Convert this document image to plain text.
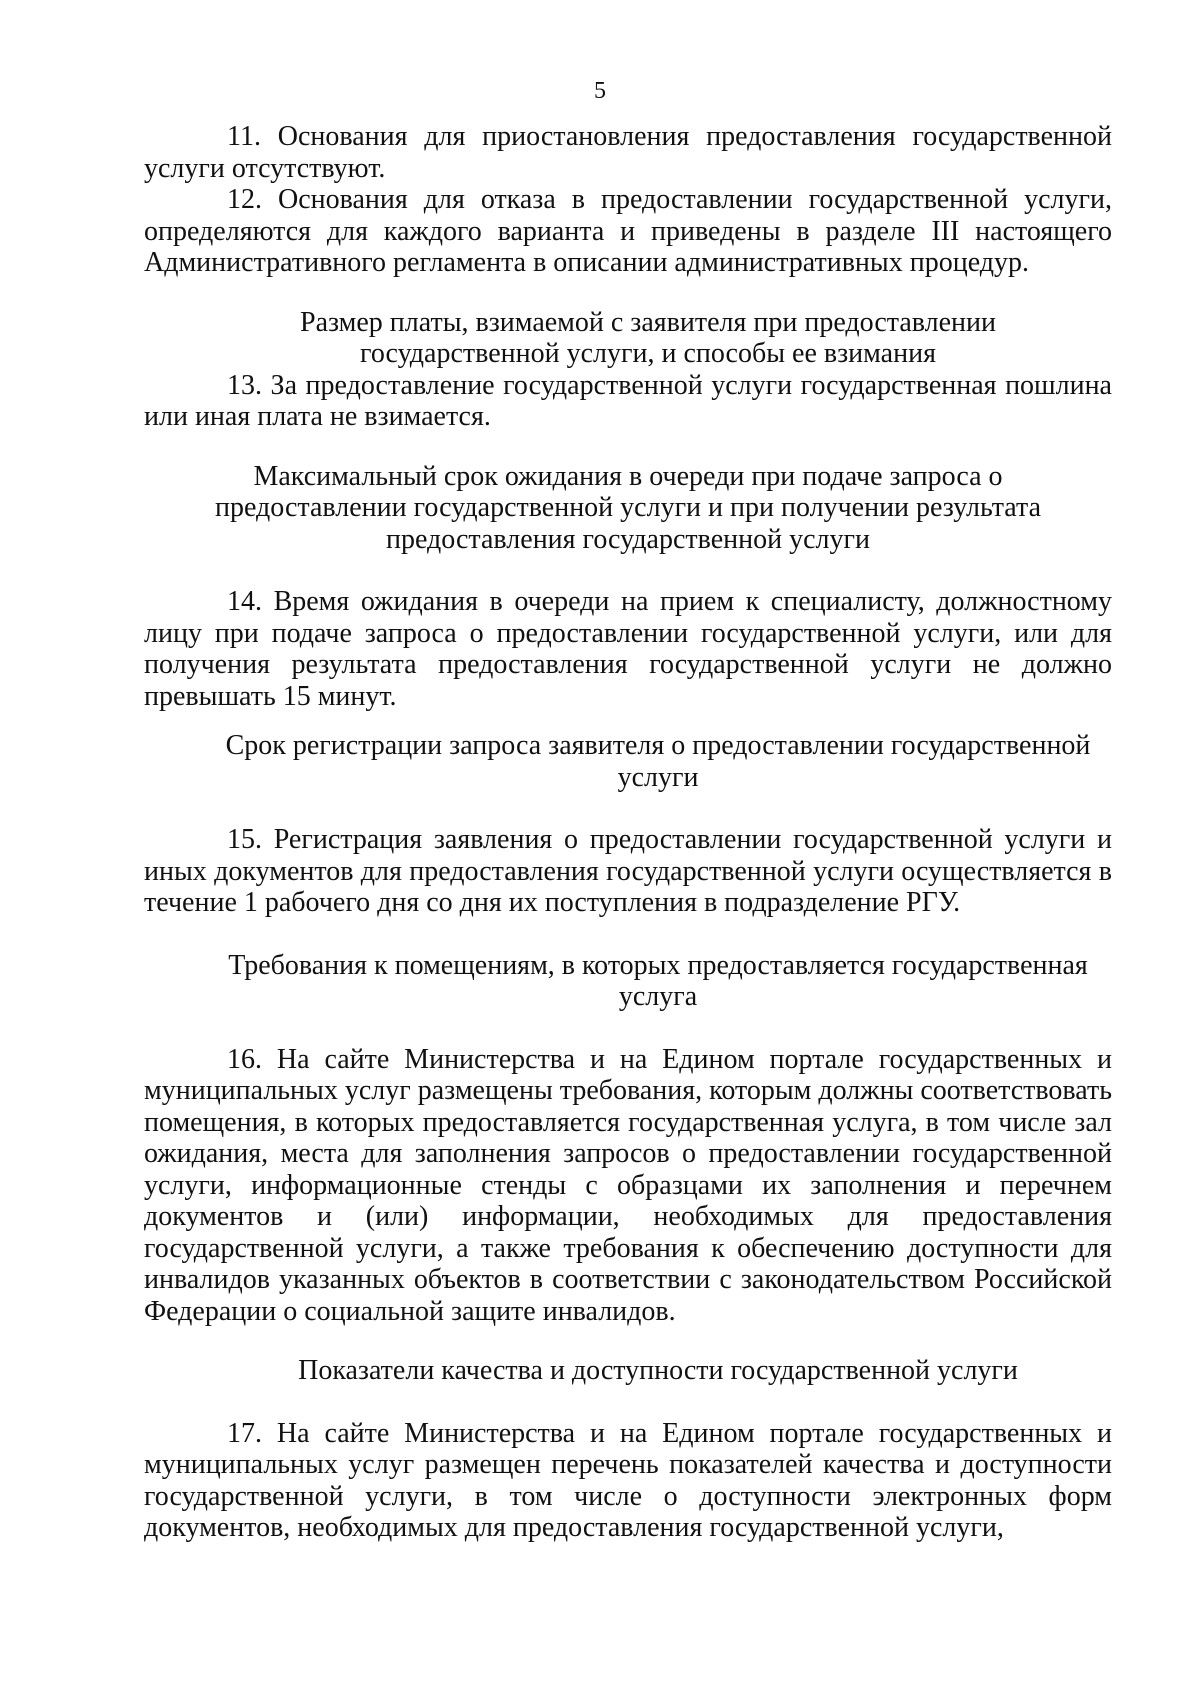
5

11. Основания для приостановления предоставления государственной услуги отсутствуют.

12. Основания для отказа в предоставлении государственной услуги, определяются для каждого варианта и приведены в разделе III настоящего Административного регламента в описании административных процедур.

Размер платы, взимаемой с заявителя при предоставлении государственной услуги, и способы ее взимания

13. За предоставление государственной услуги государственная пошлина или иная плата не взимается.

Максимальный срок ожидания в очереди при подаче запроса о предоставлении государственной услуги и при получении результата предоставления государственной услуги

14. Время ожидания в очереди на прием к специалисту, должностному лицу при подаче запроса о предоставлении государственной услуги, или для получения результата предоставления государственной услуги не должно превышать 15 минут.

Срок регистрации запроса заявителя о предоставлении государственной услуги

15. Регистрация заявления о предоставлении государственной услуги и иных документов для предоставления государственной услуги осуществляется в течение 1 рабочего дня со дня их поступления в подразделение РГУ.

Требования к помещениям, в которых предоставляется государственная услуга

16. На сайте Министерства и на Едином портале государственных и муниципальных услуг размещены требования, которым должны соответствовать помещения, в которых предоставляется государственная услуга, в том числе зал ожидания, места для заполнения запросов о предоставлении государственной услуги, информационные стенды с образцами их заполнения и перечнем документов и (или) информации, необходимых для предоставления государственной услуги, а также требования к обеспечению доступности для инвалидов указанных объектов в соответствии с законодательством Российской Федерации о социальной защите инвалидов.

Показатели качества и доступности государственной услуги

17. На сайте Министерства и на Едином портале государственных и муниципальных услуг размещен перечень показателей качества и доступности государственной услуги, в том числе о доступности электронных форм документов, необходимых для предоставления государственной услуги,
